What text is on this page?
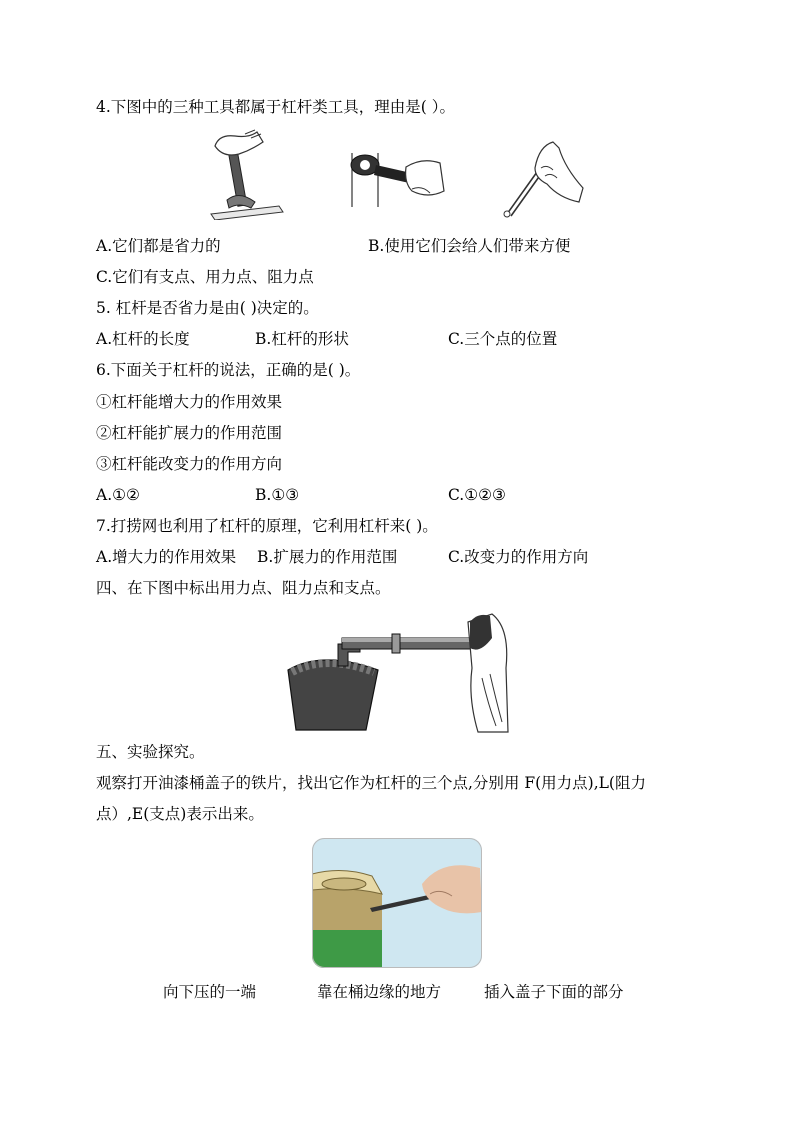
4.下图中的三种工具都属于杠杆类工具，理由是( ）。
A.它们都是省力的	B.使用它们会给人们带来方便
C.它们有支点、用力点、阻力点
5. 杠杆是否省力是由( )决定的。
A.杠杆的长度	B.杠杆的形状	C.三个点的位置
6.下面关于杠杆的说法，正确的是( )。
①杠杆能增大力的作用效果
②杠杆能扩展力的作用范围
③杠杆能改变力的作用方向
A.①②	B.①③	C.①②③
7.打捞网也利用了杠杆的原理，它利用杠杆来( )。
A.增大力的作用效果 B.扩展力的作用范围	C.改变力的作用方向
四、在下图中标出用力点、阻力点和支点。
五、实验探究。
观察打开油漆桶盖子的铁片，找出它作为杠杆的三个点,分别用 F(用力点),L(阻力
点）,E(支点)表示出来。
向下压的一端	靠在桶边缘的地方	插入盖子下面的部分
